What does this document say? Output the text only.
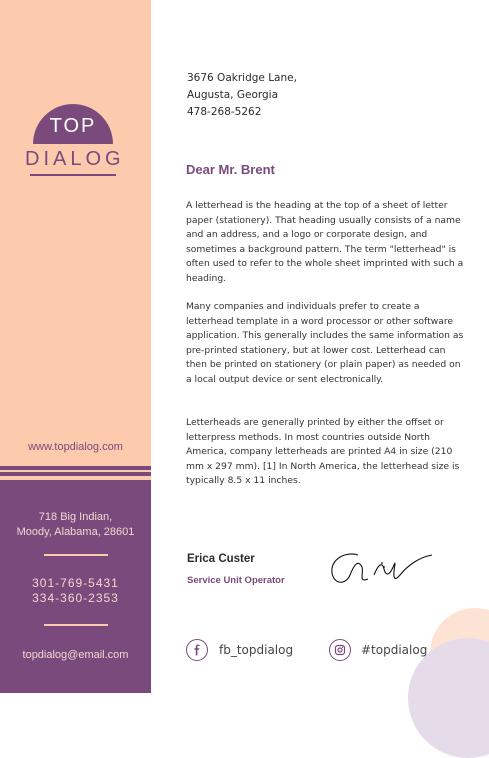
TOP
DIALOG
www.topdialog.com
718 Big Indian,
Moody, Alabama, 28601
301-769-5431
334-360-2353
topdialog@email.com
3676 Oakridge Lane,
Augusta, Georgia
478-268-5262
Dear Mr. Brent

A letterhead is the heading at the top of a sheet of letter paper (stationery). That heading usually consists of a name and an address, and a logo or corporate design, and sometimes a background pattern. The term "letterhead" is often used to refer to the whole sheet imprinted with such a heading.

Many companies and individuals prefer to create a letterhead template in a word processor or other software application. This generally includes the same information as pre-printed stationery, but at lower cost. Letterhead can then be printed on stationery (or plain paper) as needed on a local output device or sent electronically.

Letterheads are generally printed by either the offset or letterpress methods. In most countries outside North America, company letterheads are printed A4 in size (210 mm x 297 mm). [1] In North America, the letterhead size is typically 8.5 x 11 inches.

Erica Custer
Service Unit Operator
fb_topdialog	#topdialog
